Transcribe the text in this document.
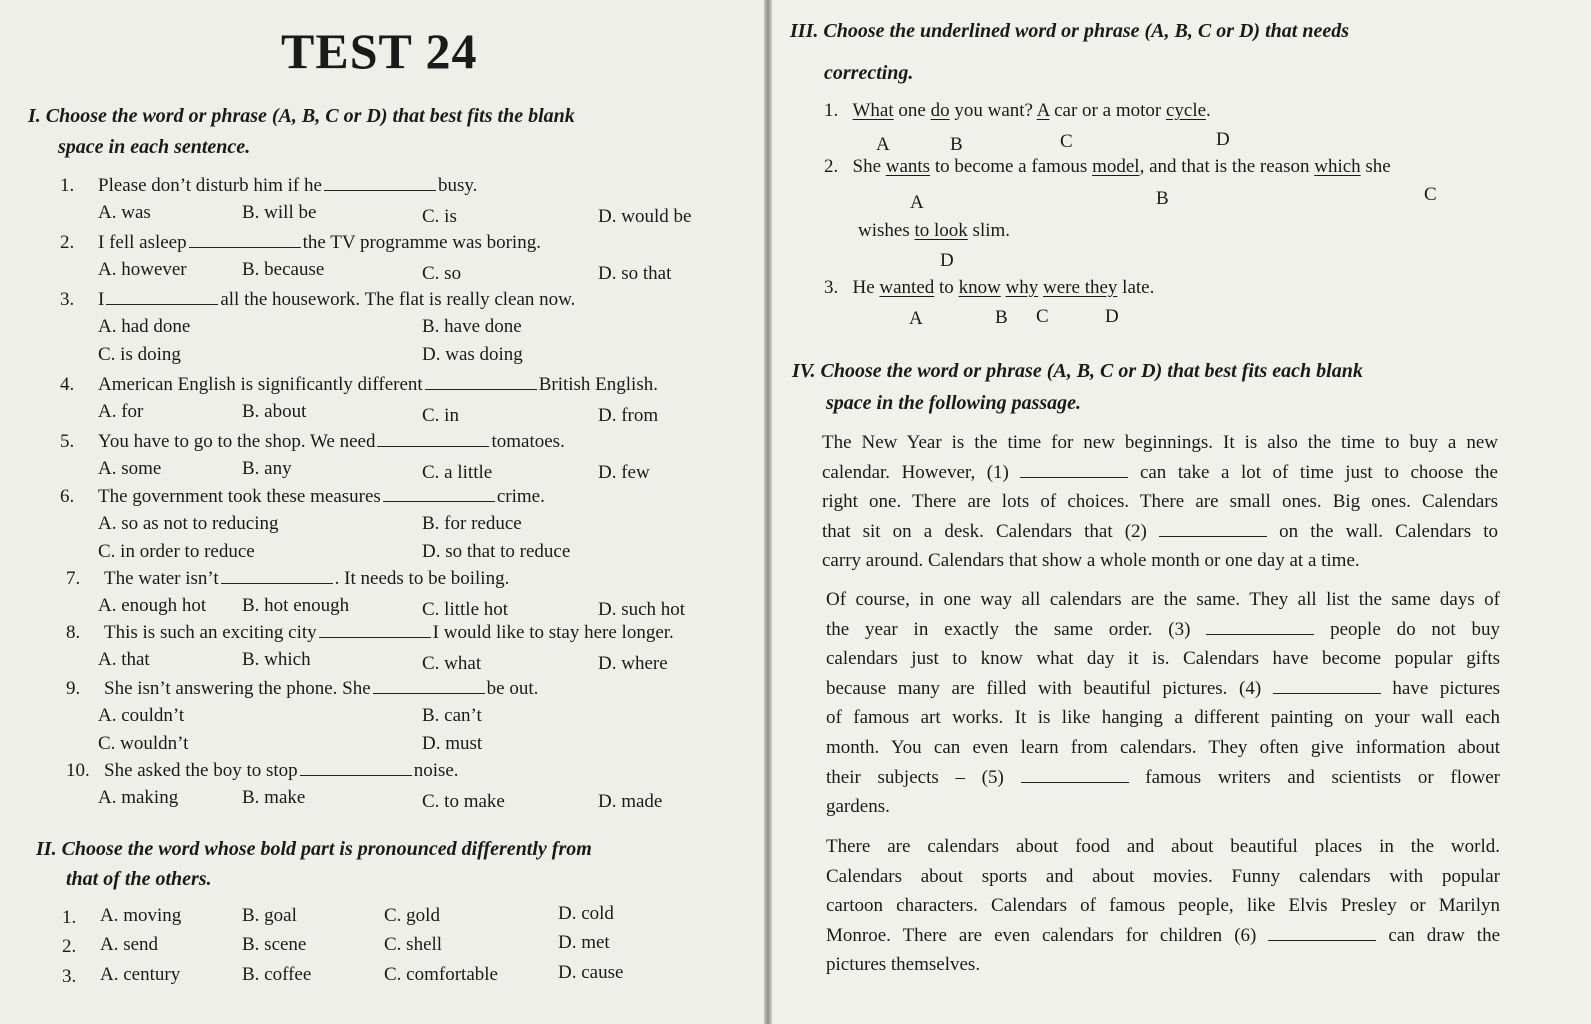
TEST 24
I. Choose the word or phrase (A, B, C or D) that best fits the blank
space in each sentence.
1. Please don’t disturb him if he	busy.
A. was	B. will be	C. is	D. would be
2. I fell asleep	the TV programme was boring.
A. however	B. because	C. so	D. so that
3. I	all the housework. The flat is really clean now.
A. had done	B. have done
C. is doing	D. was doing
4. American English is significantly different	British English.
A. for	B. about	C. in	D. from
5. You have to go to the shop. We need	tomatoes.
A. some	B. any	C. a little	D. few
6. The government took these measures	crime.
A. so as not to reducing	B. for reduce
C. in order to reduce	D. so that to reduce
7. The water isn’t	. It needs to be boiling.
A. enough hot B. hot enough	C. little hot	D. such hot
8. This is such an exciting city	I would like to stay here longer.
A. that	B. which	C. what	D. where
9. She isn’t answering the phone. She	be out.
A. couldn’t	B. can’t
C. wouldn’t	D. must
10. She asked the boy to stop	noise.
A. making	B. make	C. to make	D. made
II. Choose the word whose bold part is pronounced differently from
that of the others.
1. A. moving	B. goal	C. gold	D. cold
2. A. send	B. scene	C. shell	D. met
3. A. century	B. coffee	C. comfortable	D. cause
III. Choose the underlined word or phrase (A, B, C or D) that needs
correcting.
1. What one do you want? A car or a motor cycle.
A	B	C	D
2. She wants to become a famous model, and that is the reason which she
A	B	C
wishes to look slim.
D
3. He wanted to know why were they late.
A	B C	D
IV. Choose the word or phrase (A, B, C or D) that best fits each blank
space in the following passage.
The New Year is the time for new beginnings. It is also the time to buy a new
calendar. However, (1)	can take a lot of time just to choose the
right one. There are lots of choices. There are small ones. Big ones. Calendars
that sit on a desk. Calendars that (2)	on the wall. Calendars to
carry around. Calendars that show a whole month or one day at a time.
Of course, in one way all calendars are the same. They all list the same days of
the year in exactly the same order. (3)	people do not buy
calendars just to know what day it is. Calendars have become popular gifts
because many are filled with beautiful pictures. (4)	have pictures
of famous art works. It is like hanging a different painting on your wall each
month. You can even learn from calendars. They often give information about
their subjects – (5)	famous writers and scientists or flower
gardens.
There are calendars about food and about beautiful places in the world.
Calendars about sports and about movies. Funny calendars with popular
cartoon characters. Calendars of famous people, like Elvis Presley or Marilyn
Monroe. There are even calendars for children (6)	can draw the
pictures themselves.
